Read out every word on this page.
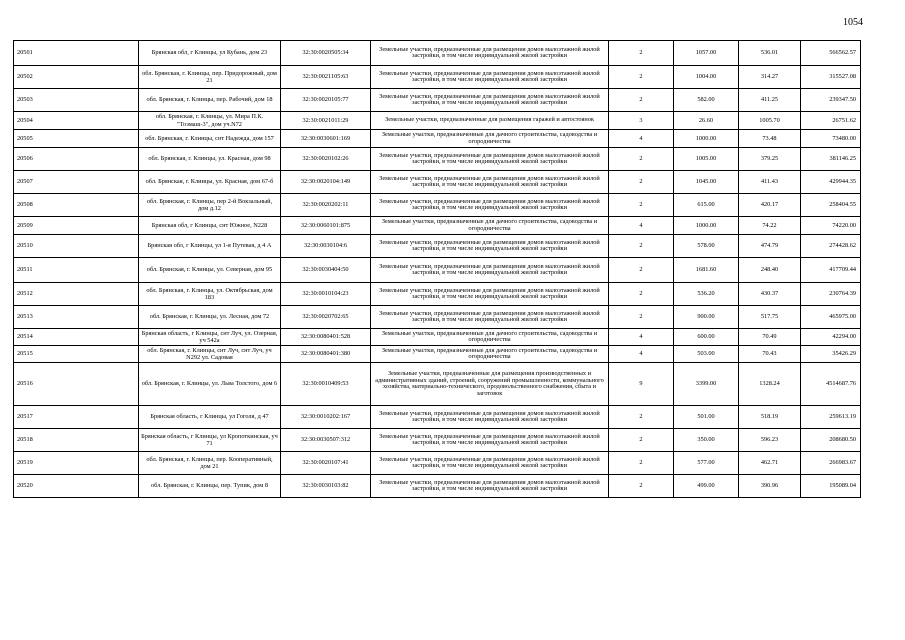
1054
20501	Брянская обл, г Клинцы, ул Кубань, дом 23	32:30:0020505:34	Земельные участки, предназначенные для размещения домов малоэтажной жилой застройки, в том числе индивидуальной жилой застройки	2	1057.00	536.01	566562.57
20502	обл. Брянская, г. Клинцы, пер. Придорожный, дом 21	32:30:0021105:63	Земельные участки, предназначенные для размещения домов малоэтажной жилой застройки, в том числе индивидуальной жилой застройки	2	1004.00	314.27	315527.08
20503	обл. Брянская, г. Клинцы, пер. Рабочий, дом 18	32:30:0020105:77	Земельные участки, предназначенные для размещения домов малоэтажной жилой застройки, в том числе индивидуальной жилой застройки	2	582.00	411.25	239347.50
20504	обл. Брянская, г. Клинцы, ул. Мира П.К. "Тоэмаш-3", дом уч.N72	32:30:0021011:29	Земельные участки, предназначенные для размещения гаражей и автостоянок	3	26.60	1005.70	26751.62
20505	обл. Брянская, г. Клинцы, снт Надежда, дом 157	32:30:0030601:169	Земельные участки, предназначенные для дачного строительства, садоводства и огородничества	4	1000.00	73.48	73480.00
20506	обл. Брянская, г. Клинцы, ул. Красная, дом 98	32:30:0020102:26	Земельные участки, предназначенные для размещения домов малоэтажной жилой застройки, в том числе индивидуальной жилой застройки	2	1005.00	379.25	381146.25
20507	обл. Брянская, г. Клинцы, ул. Красная, дом 67-б	32:30:0020104:149	Земельные участки, предназначенные для размещения домов малоэтажной жилой застройки, в том числе индивидуальной жилой застройки	2	1045.00	411.43	429944.35
20508	обл. Брянская, г. Клинцы, пер 2-й Вокзальный, дом д.12	32:30:0020202:11	Земельные участки, предназначенные для размещения домов малоэтажной жилой застройки, в том числе индивидуальной жилой застройки	2	615.00	420.17	258404.55
20509	Брянская обл, г Клинцы, снт Южное, N228	32:30:0060101:875	Земельные участки, предназначенные для дачного строительства, садоводства и огородничества	4	1000.00	74.22	74220.00
20510	Брянская обл, г Клинцы, ул 1-я Путевая, д 4 А	32:30:0030104:6	Земельные участки, предназначенные для размещения домов малоэтажной жилой застройки, в том числе индивидуальной жилой застройки	2	578.00	474.79	274428.62
20511	обл. Брянская, г. Клинцы, ул. Северная, дом 95	32:30:0030404:50	Земельные участки, предназначенные для размещения домов малоэтажной жилой застройки, в том числе индивидуальной жилой застройки	2	1681.60	248.40	417709.44
20512	обл. Брянская, г. Клинцы, ул. Октябрьская, дом 183	32:30:0010104:23	Земельные участки, предназначенные для размещения домов малоэтажной жилой застройки, в том числе индивидуальной жилой застройки	2	536.20	430.37	230764.39
20513	обл. Брянская, г. Клинцы, ул. Лесная, дом 72	32:30:0020702:65	Земельные участки, предназначенные для размещения домов малоэтажной жилой застройки, в том числе индивидуальной жилой застройки	2	900.00	517.75	465975.00
20514	Брянская область, г Клинцы, снт Луч, ул. Озерная, уч 542а	32:30:0080401:528	Земельные участки, предназначенные для дачного строительства, садоводства и огородничества	4	600.00	70.49	42294.00
20515	обл. Брянская, г. Клинцы, снт Луч, снт Луч, уч N292 ул. Садовая	32:30:0080401:380	Земельные участки, предназначенные для дачного строительства, садоводства и огородничества	4	503.00	70.43	35426.29
20516	обл. Брянская, г. Клинцы, ул. Льва Толстого, дом 6	32:30:0010409:53	Земельные участки, предназначенные для размещения производственных и административных зданий, строений, сооружений промышленности, коммунального хозяйства, материально-технического, продовольственного снабжения, сбыта и заготовок	9	3399.00	1328.24	4514687.76
20517	Брянская область, г Клинцы, ул Гоголя, д 47	32:30:0010202:167	Земельные участки, предназначенные для размещения домов малоэтажной жилой застройки, в том числе индивидуальной жилой застройки	2	501.00	518.19	259613.19
20518	Брянская область, г Клинцы, ул Кропоткинская, уч 71	32:30:0030507:312	Земельные участки, предназначенные для размещения домов малоэтажной жилой застройки, в том числе индивидуальной жилой застройки	2	350.00	596.23	208680.50
20519	обл. Брянская, г. Клинцы, пер. Кооперативный, дом 21	32:30:0020107:41	Земельные участки, предназначенные для размещения домов малоэтажной жилой застройки, в том числе индивидуальной жилой застройки	2	577.00	462.71	266983.67
20520	обл. Брянская, г. Клинцы, пер. Тупик, дом 8	32:30:0030103:82	Земельные участки, предназначенные для размещения домов малоэтажной жилой застройки, в том числе индивидуальной жилой застройки	2	499.00	390.96	195089.04
